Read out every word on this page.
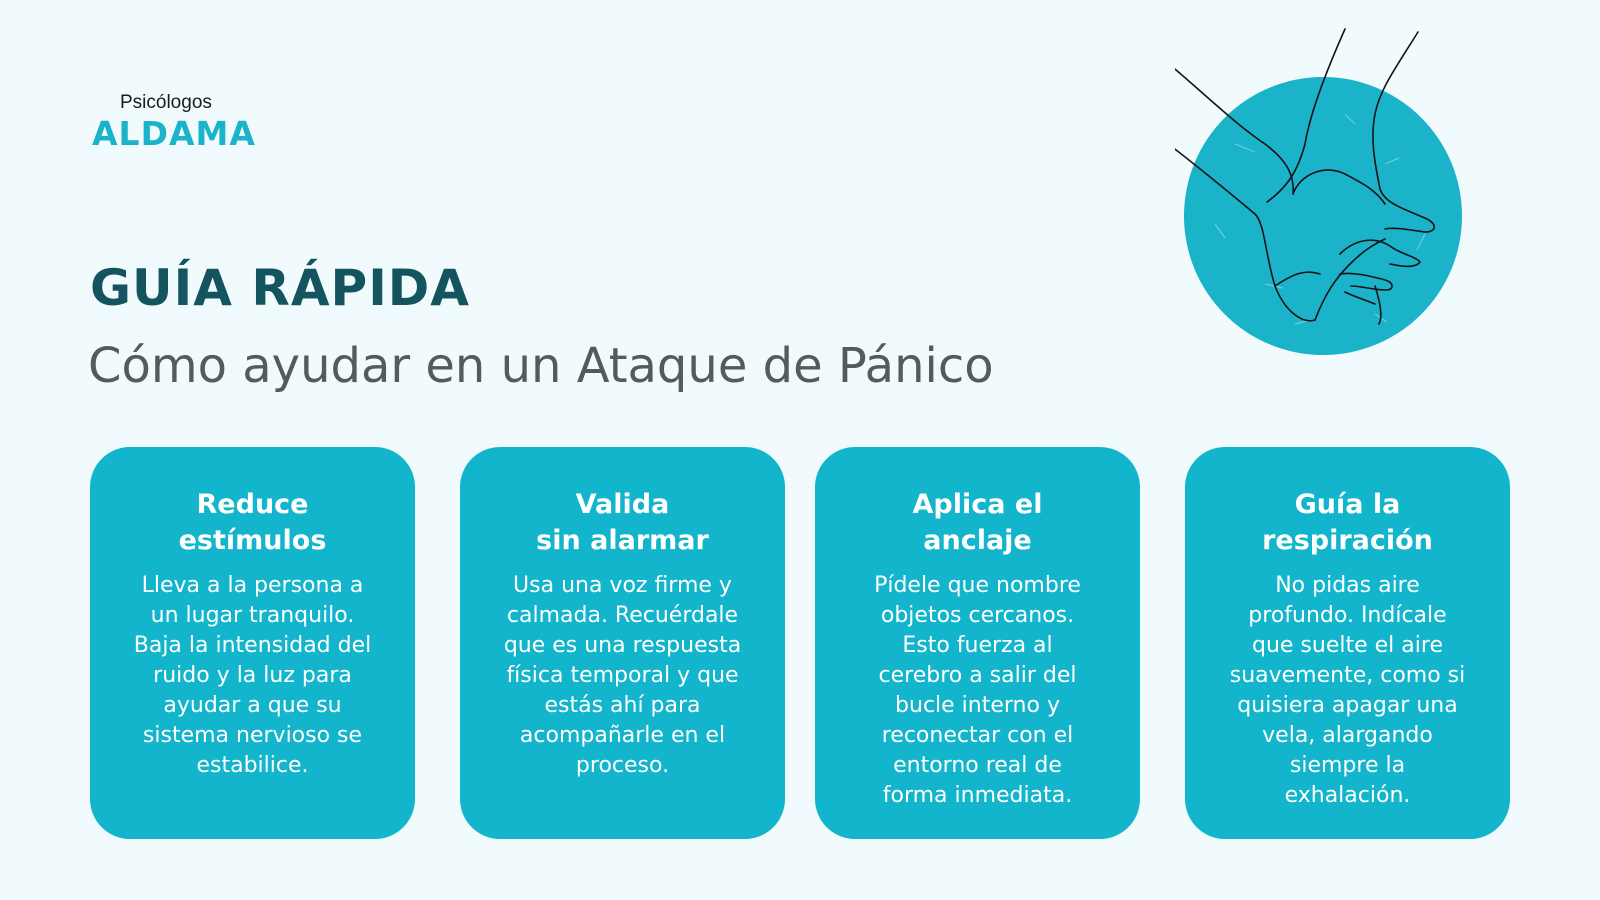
Psicólogos
ALDAMA
GUÍA RÁPIDA
Cómo ayudar en un Ataque de Pánico
Reduce
estímulos

Lleva a la persona a
un lugar tranquilo.
Baja la intensidad del
ruido y la luz para
ayudar a que su
sistema nervioso se
estabilice.

Valida
sin alarmar

Usa una voz firme y
calmada. Recuérdale
que es una respuesta
física temporal y que
estás ahí para
acompañarle en el
proceso.

Aplica el
anclaje

Pídele que nombre
objetos cercanos.
Esto fuerza al
cerebro a salir del
bucle interno y
reconectar con el
entorno real de
forma inmediata.

Guía la
respiración

No pidas aire
profundo. Indícale
que suelte el aire
suavemente, como si
quisiera apagar una
vela, alargando
siempre la
exhalación.
